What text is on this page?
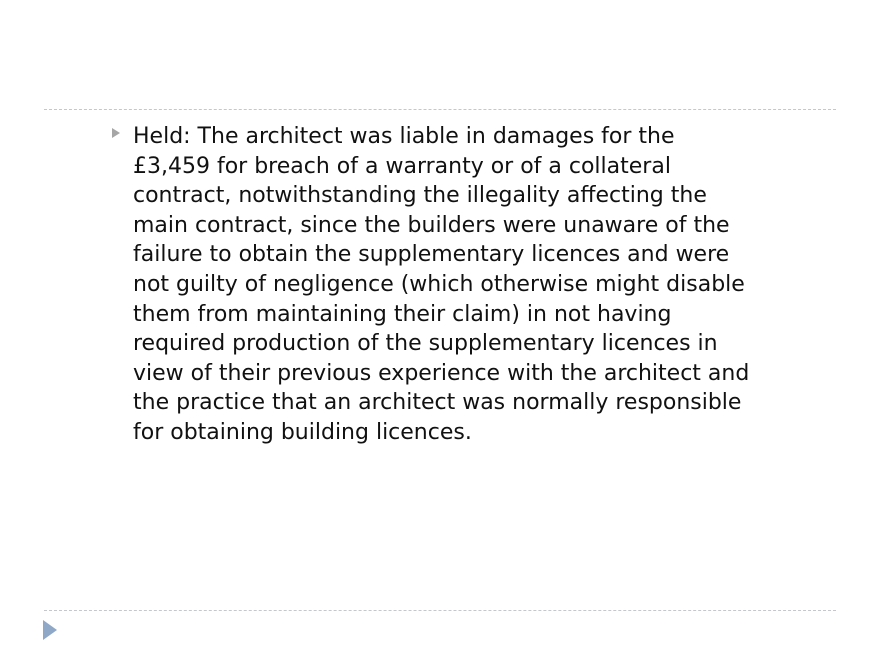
Held: The architect was liable in damages for the
£3,459 for breach of a warranty or of a collateral
contract, notwithstanding the illegality affecting the
main contract, since the builders were unaware of the
failure to obtain the supplementary licences and were
not guilty of negligence (which otherwise might disable
them from maintaining their claim) in not having
required production of the supplementary licences in
view of their previous experience with the architect and
the practice that an architect was normally responsible
for obtaining building licences.
